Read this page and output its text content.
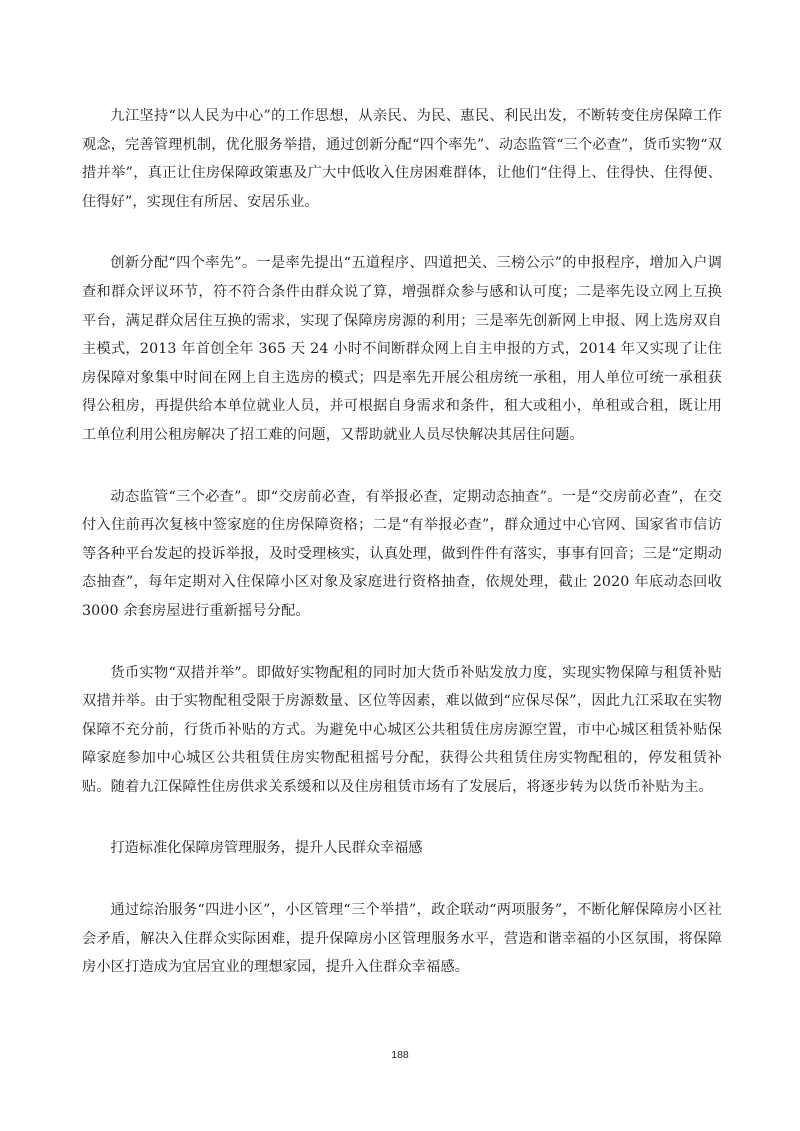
九江坚持“以人民为中心”的工作思想，从亲民、为民、惠民、利民出发，不断转变住房保障工作观念，完善管理机制，优化服务举措，通过创新分配“四个率先”、动态监管“三个必查”，货币实物“双措并举”，真正让住房保障政策惠及广大中低收入住房困难群体，让他们“住得上、住得快、住得便、住得好”，实现住有所居、安居乐业。

创新分配“四个率先”。一是率先提出“五道程序、四道把关、三榜公示”的申报程序，增加入户调查和群众评议环节，符不符合条件由群众说了算，增强群众参与感和认可度；二是率先设立网上互换平台，满足群众居住互换的需求，实现了保障房房源的利用；三是率先创新网上申报、网上选房双自主模式，2013 年首创全年 365 天 24 小时不间断群众网上自主申报的方式，2014 年又实现了让住房保障对象集中时间在网上自主选房的模式；四是率先开展公租房统一承租，用人单位可统一承租获得公租房，再提供给本单位就业人员，并可根据自身需求和条件，租大或租小，单租或合租，既让用工单位利用公租房解决了招工难的问题，又帮助就业人员尽快解决其居住问题。

动态监管“三个必查”。即“交房前必查，有举报必查，定期动态抽查”。一是“交房前必查”，在交付入住前再次复核中签家庭的住房保障资格；二是“有举报必查”，群众通过中心官网、国家省市信访等各种平台发起的投诉举报，及时受理核实，认真处理，做到件件有落实，事事有回音；三是“定期动态抽查”，每年定期对入住保障小区对象及家庭进行资格抽查，依规处理，截止 2020 年底动态回收 3000 余套房屋进行重新摇号分配。

货币实物“双措并举”。即做好实物配租的同时加大货币补贴发放力度，实现实物保障与租赁补贴双措并举。由于实物配租受限于房源数量、区位等因素，难以做到“应保尽保”，因此九江采取在实物保障不充分前，行货币补贴的方式。为避免中心城区公共租赁住房房源空置，市中心城区租赁补贴保障家庭参加中心城区公共租赁住房实物配租摇号分配，获得公共租赁住房实物配租的，停发租赁补贴。随着九江保障性住房供求关系缓和以及住房租赁市场有了发展后，将逐步转为以货币补贴为主。

打造标准化保障房管理服务，提升人民群众幸福感

通过综治服务“四进小区”，小区管理“三个举措”，政企联动“两项服务”，不断化解保障房小区社会矛盾，解决入住群众实际困难，提升保障房小区管理服务水平，营造和谐幸福的小区氛围，将保障房小区打造成为宜居宜业的理想家园，提升入住群众幸福感。

188
